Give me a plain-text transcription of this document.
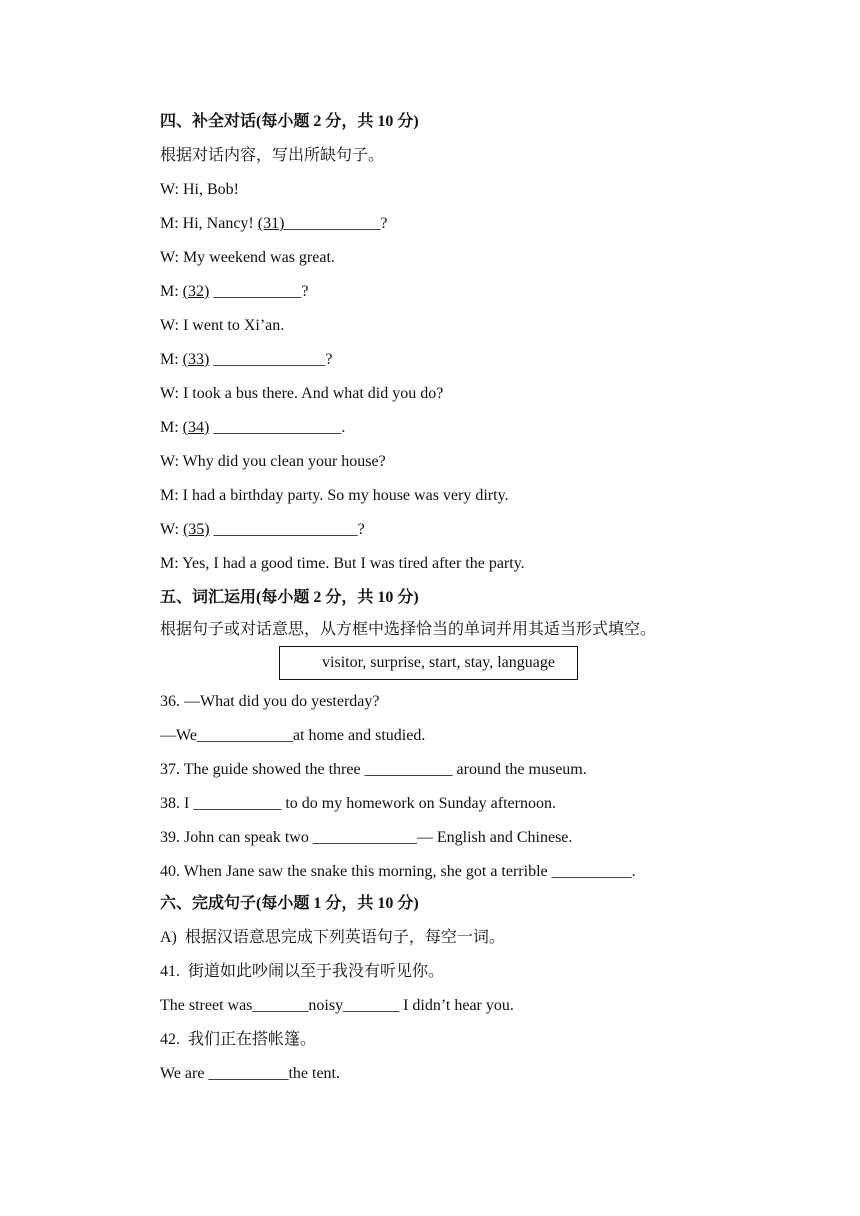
四、补全对话(每小题 2 分，共 10 分)
根据对话内容，写出所缺句子。
W: Hi, Bob!
M: Hi, Nancy! (31)____________?
W: My weekend was great.
M: (32) ___________?
W: I went to Xi’an.
M: (33) ______________?
W: I took a bus there. And what did you do?
M: (34) ________________.
W: Why did you clean your house?
M: I had a birthday party. So my house was very dirty.
W: (35) __________________?
M: Yes, I had a good time. But I was tired after the party.
五、词汇运用(每小题 2 分，共 10 分)
根据句子或对话意思，从方框中选择恰当的单词并用其适当形式填空。
visitor, surprise, start, stay, language
36. —What did you do yesterday?
—We____________at home and studied.
37. The guide showed the three ___________ around the museum.
38. I ___________ to do my homework on Sunday afternoon.
39. John can speak two _____________— English and Chinese.
40. When Jane saw the snake this morning, she got a terrible __________.
六、完成句子(每小题 1 分，共 10 分)
A)  根据汉语意思完成下列英语句子，每空一词。
41.  街道如此吵闹以至于我没有听见你。
The street was_______noisy_______ I didn’t hear you.
42.  我们正在搭帐篷。
We are __________the tent.
